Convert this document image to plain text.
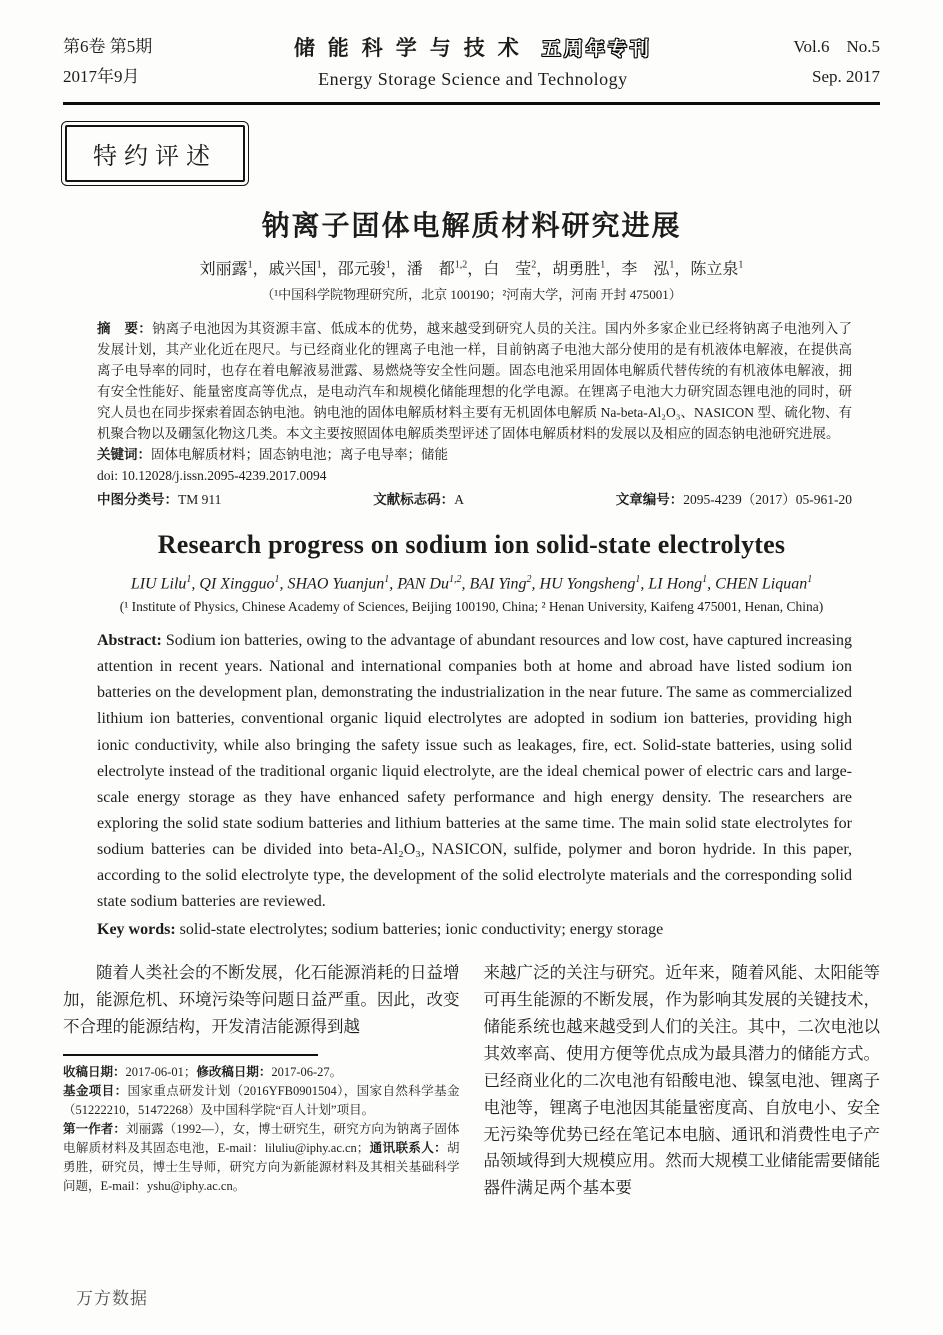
第6卷 第5期
2017年9月
储能科学与技术 五周年专刊
Energy Storage Science and Technology
Vol.6　No.5
Sep. 2017
特约评述
钠离子固体电解质材料研究进展
刘丽露$^1$，戚兴国$^1$，邵元骏$^1$，潘　都$^{1,2}$，白　莹$^2$，胡勇胜$^1$，李　泓$^1$，陈立泉$^1$
（¹中国科学院物理研究所，北京 100190；²河南大学，河南 开封 475001）

摘　要：钠离子电池因为其资源丰富、低成本的优势，越来越受到研究人员的关注。国内外多家企业已经将钠离子电池列入了发展计划，其产业化近在咫尺。与已经商业化的锂离子电池一样，目前钠离子电池大部分使用的是有机液体电解液，在提供高离子电导率的同时，也存在着电解液易泄露、易燃烧等安全性问题。固态电池采用固体电解质代替传统的有机液体电解液，拥有安全性能好、能量密度高等优点，是电动汽车和规模化储能理想的化学电源。在锂离子电池大力研究固态锂电池的同时，研究人员也在同步探索着固态钠电池。钠电池的固体电解质材料主要有无机固体电解质 Na-beta-Al₂O₃、NASICON 型、硫化物、有机聚合物以及硼氢化物这几类。本文主要按照固体电解质类型评述了固体电解质材料的发展以及相应的固态钠电池研究进展。

关键词：固体电解质材料；固态钠电池；离子电导率；储能

doi: 10.12028/j.issn.2095-4239.2017.0094

中图分类号：TM 911	文献标志码：A	文章编号：2095-4239（2017）05-961-20
Research progress on sodium ion solid-state electrolytes
LIU Lilu$^1$, QI Xingguo$^1$, SHAO Yuanjun$^1$, PAN Du$^{1,2}$, BAI Ying$^2$, HU Yongsheng$^1$, LI Hong$^1$, CHEN Liquan$^1$
(¹ Institute of Physics, Chinese Academy of Sciences, Beijing 100190, China; ² Henan University, Kaifeng 475001, Henan, China)

Abstract: Sodium ion batteries, owing to the advantage of abundant resources and low cost, have captured increasing attention in recent years. National and international companies both at home and abroad have listed sodium ion batteries on the development plan, demonstrating the industrialization in the near future. The same as commercialized lithium ion batteries, conventional organic liquid electrolytes are adopted in sodium ion batteries, providing high ionic conductivity, while also bringing the safety issue such as leakages, fire, ect. Solid-state batteries, using solid electrolyte instead of the traditional organic liquid electrolyte, are the ideal chemical power of electric cars and large-scale energy storage as they have enhanced safety performance and high energy density. The researchers are exploring the solid state sodium batteries and lithium batteries at the same time. The main solid state electrolytes for sodium batteries can be divided into beta-Al₂O₃, NASICON, sulfide, polymer and boron hydride. In this paper, according to the solid electrolyte type, the development of the solid electrolyte materials and the corresponding solid state sodium batteries are reviewed.

Key words: solid-state electrolytes; sodium batteries; ionic conductivity; energy storage

随着人类社会的不断发展，化石能源消耗的日益增加，能源危机、环境污染等问题日益严重。因此，改变不合理的能源结构，开发清洁能源得到越

收稿日期：2017-06-01；修改稿日期：2017-06-27。

基金项目：国家重点研发计划（2016YFB0901504），国家自然科学基金（51222210，51472268）及中国科学院“百人计划”项目。

第一作者：刘丽露（1992—），女，博士研究生，研究方向为钠离子固体电解质材料及其固态电池，E-mail：liluliu@iphy.ac.cn；通讯联系人：胡勇胜，研究员，博士生导师，研究方向为新能源材料及其相关基础科学问题，E-mail：yshu@iphy.ac.cn。

来越广泛的关注与研究。近年来，随着风能、太阳能等可再生能源的不断发展，作为影响其发展的关键技术，储能系统也越来越受到人们的关注。其中，二次电池以其效率高、使用方便等优点成为最具潜力的储能方式。已经商业化的二次电池有铅酸电池、镍氢电池、锂离子电池等，锂离子电池因其能量密度高、自放电小、安全无污染等优势已经在笔记本电脑、通讯和消费性电子产品领域得到大规模应用。然而大规模工业储能需要储能器件满足两个基本要

万方数据
